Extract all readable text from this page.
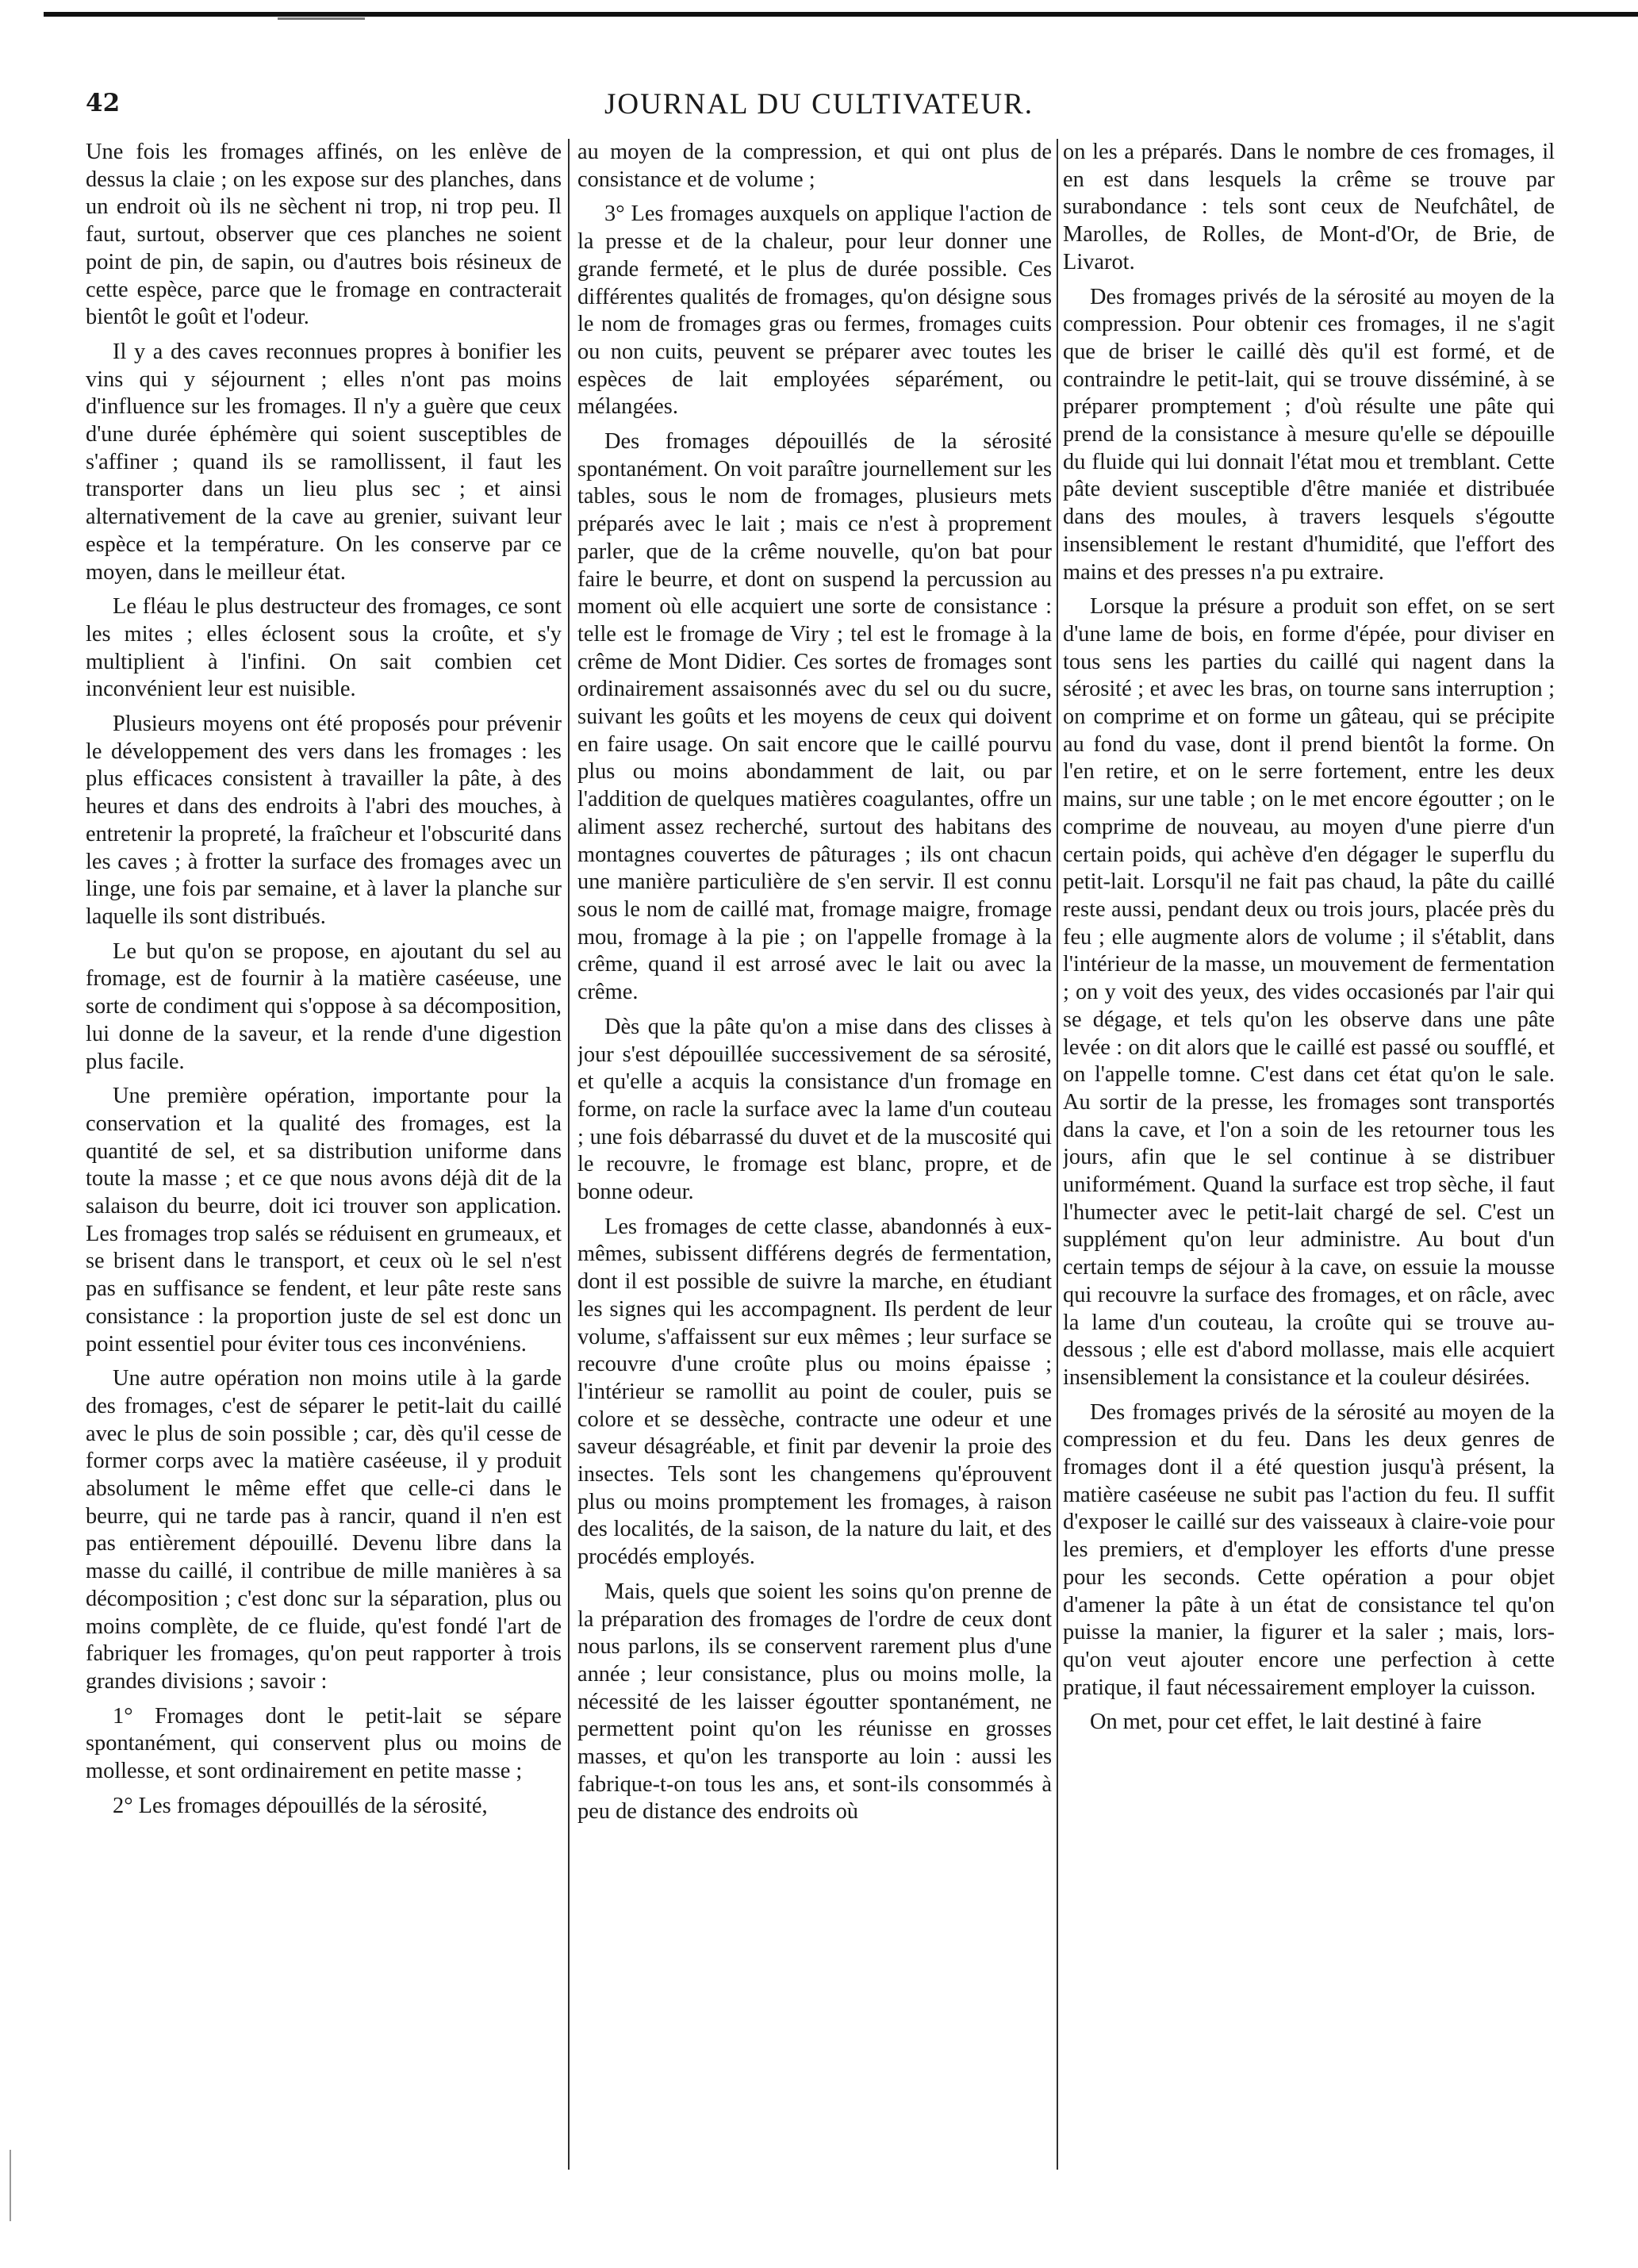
42	JOURNAL DU CULTIVATEUR.

Une fois les fromages affinés, on les enlève de dessus la claie ; on les expose sur des planches, dans un endroit où ils ne sèchent ni trop, ni trop peu. Il faut, surtout, observer que ces planches ne soient point de pin, de sapin, ou d'autres bois résineux de cette espèce, parce que le fromage en contracterait bientôt le goût et l'odeur.

Il y a des caves reconnues propres à bonifier les vins qui y séjournent ; elles n'ont pas moins d'influence sur les fromages. Il n'y a guère que ceux d'une durée éphémère qui soient susceptibles de s'affiner ; quand ils se ramollissent, il faut les transporter dans un lieu plus sec ; et ainsi alternativement de la cave au grenier, suivant leur espèce et la température. On les conserve par ce moyen, dans le meilleur état.

Le fléau le plus destructeur des fromages, ce sont les mites ; elles éclosent sous la croûte, et s'y multiplient à l'infini. On sait combien cet inconvénient leur est nuisible.

Plusieurs moyens ont été proposés pour prévenir le développement des vers dans les fromages : les plus efficaces consistent à travailler la pâte, à des heures et dans des endroits à l'abri des mouches, à entretenir la propreté, la fraîcheur et l'obscurité dans les caves ; à frotter la surface des fromages avec un linge, une fois par semaine, et à laver la planche sur laquelle ils sont distribués.

Le but qu'on se propose, en ajoutant du sel au fromage, est de fournir à la matière caséeuse, une sorte de condiment qui s'oppose à sa décomposition, lui donne de la saveur, et la rende d'une digestion plus facile.

Une première opération, importante pour la conservation et la qualité des fromages, est la quantité de sel, et sa distribution uniforme dans toute la masse ; et ce que nous avons déjà dit de la salaison du beurre, doit ici trouver son application. Les fromages trop salés se réduisent en grumeaux, et se brisent dans le transport, et ceux où le sel n'est pas en suffisance se fendent, et leur pâte reste sans consistance : la proportion juste de sel est donc un point essentiel pour éviter tous ces inconvéniens.

Une autre opération non moins utile à la garde des fromages, c'est de séparer le petit-lait du caillé avec le plus de soin possible ; car, dès qu'il cesse de former corps avec la matière caséeuse, il y produit absolument le même effet que celle-ci dans le beurre, qui ne tarde pas à rancir, quand il n'en est pas entièrement dépouillé. Devenu libre dans la masse du caillé, il contribue de mille manières à sa décomposition ; c'est donc sur la séparation, plus ou moins complète, de ce fluide, qu'est fondé l'art de fabriquer les fromages, qu'on peut rapporter à trois grandes divisions ; savoir :

1° Fromages dont le petit-lait se sépare spontanément, qui conservent plus ou moins de mollesse, et sont ordinairement en petite masse ;

2° Les fromages dépouillés de la sérosité,

au moyen de la compression, et qui ont plus de consistance et de volume ;

3° Les fromages auxquels on applique l'action de la presse et de la chaleur, pour leur donner une grande fermeté, et le plus de durée possible. Ces différentes qualités de fromages, qu'on désigne sous le nom de fromages gras ou fermes, fromages cuits ou non cuits, peuvent se préparer avec toutes les espèces de lait employées séparément, ou mélangées.

Des fromages dépouillés de la sérosité spontanément. On voit paraître journellement sur les tables, sous le nom de fromages, plusieurs mets préparés avec le lait ; mais ce n'est à proprement parler, que de la crême nouvelle, qu'on bat pour faire le beurre, et dont on suspend la percussion au moment où elle acquiert une sorte de consistance : telle est le fromage de Viry ; tel est le fromage à la crême de Mont Didier. Ces sortes de fromages sont ordinairement assaisonnés avec du sel ou du sucre, suivant les goûts et les moyens de ceux qui doivent en faire usage. On sait encore que le caillé pourvu plus ou moins abondamment de lait, ou par l'addition de quelques matières coagulantes, offre un aliment assez recherché, surtout des habitans des montagnes couvertes de pâturages ; ils ont chacun une manière particulière de s'en servir. Il est connu sous le nom de caillé mat, fromage maigre, fromage mou, fromage à la pie ; on l'appelle fromage à la crême, quand il est arrosé avec le lait ou avec la crême.

Dès que la pâte qu'on a mise dans des clisses à jour s'est dépouillée successivement de sa sérosité, et qu'elle a acquis la consistance d'un fromage en forme, on racle la surface avec la lame d'un couteau ; une fois débarrassé du duvet et de la muscosité qui le recouvre, le fromage est blanc, propre, et de bonne odeur.

Les fromages de cette classe, abandonnés à eux-mêmes, subissent différens degrés de fermentation, dont il est possible de suivre la marche, en étudiant les signes qui les accompagnent. Ils perdent de leur volume, s'affaissent sur eux mêmes ; leur surface se recouvre d'une croûte plus ou moins épaisse ; l'intérieur se ramollit au point de couler, puis se colore et se dessèche, contracte une odeur et une saveur désagréable, et finit par devenir la proie des insectes. Tels sont les changemens qu'éprouvent plus ou moins promptement les fromages, à raison des localités, de la saison, de la nature du lait, et des procédés employés.

Mais, quels que soient les soins qu'on prenne de la préparation des fromages de l'ordre de ceux dont nous parlons, ils se conservent rarement plus d'une année ; leur consistance, plus ou moins molle, la nécessité de les laisser égoutter spontanément, ne permettent point qu'on les réunisse en grosses masses, et qu'on les transporte au loin : aussi les fabrique-t-on tous les ans, et sont-ils consommés à peu de distance des endroits où

on les a préparés. Dans le nombre de ces fromages, il en est dans lesquels la crême se trouve par surabondance : tels sont ceux de Neufchâtel, de Marolles, de Rolles, de Mont-d'Or, de Brie, de Livarot.

Des fromages privés de la sérosité au moyen de la compression. Pour obtenir ces fromages, il ne s'agit que de briser le caillé dès qu'il est formé, et de contraindre le petit-lait, qui se trouve disséminé, à se préparer promptement ; d'où résulte une pâte qui prend de la consistance à mesure qu'elle se dépouille du fluide qui lui donnait l'état mou et tremblant. Cette pâte devient susceptible d'être maniée et distribuée dans des moules, à travers lesquels s'égoutte insensiblement le restant d'humidité, que l'effort des mains et des presses n'a pu extraire.

Lorsque la présure a produit son effet, on se sert d'une lame de bois, en forme d'épée, pour diviser en tous sens les parties du caillé qui nagent dans la sérosité ; et avec les bras, on tourne sans interruption ; on comprime et on forme un gâteau, qui se précipite au fond du vase, dont il prend bientôt la forme. On l'en retire, et on le serre fortement, entre les deux mains, sur une table ; on le met encore égoutter ; on le comprime de nouveau, au moyen d'une pierre d'un certain poids, qui achève d'en dégager le superflu du petit-lait. Lorsqu'il ne fait pas chaud, la pâte du caillé reste aussi, pendant deux ou trois jours, placée près du feu ; elle augmente alors de volume ; il s'établit, dans l'intérieur de la masse, un mouvement de fermentation ; on y voit des yeux, des vides occasionés par l'air qui se dégage, et tels qu'on les observe dans une pâte levée : on dit alors que le caillé est passé ou soufflé, et on l'appelle tomne. C'est dans cet état qu'on le sale. Au sortir de la presse, les fromages sont transportés dans la cave, et l'on a soin de les retourner tous les jours, afin que le sel continue à se distribuer uniformément. Quand la surface est trop sèche, il faut l'humecter avec le petit-lait chargé de sel. C'est un supplément qu'on leur administre. Au bout d'un certain temps de séjour à la cave, on essuie la mousse qui recouvre la surface des fromages, et on râcle, avec la lame d'un couteau, la croûte qui se trouve au-dessous ; elle est d'abord mollasse, mais elle acquiert insensiblement la consistance et la couleur désirées.

Des fromages privés de la sérosité au moyen de la compression et du feu. Dans les deux genres de fromages dont il a été question jusqu'à présent, la matière caséeuse ne subit pas l'action du feu. Il suffit d'exposer le caillé sur des vaisseaux à claire-voie pour les premiers, et d'employer les efforts d'une presse pour les seconds. Cette opération a pour objet d'amener la pâte à un état de consistance tel qu'on puisse la manier, la figurer et la saler ; mais, lors-qu'on veut ajouter encore une perfection à cette pratique, il faut nécessairement employer la cuisson.

On met, pour cet effet, le lait destiné à faire
